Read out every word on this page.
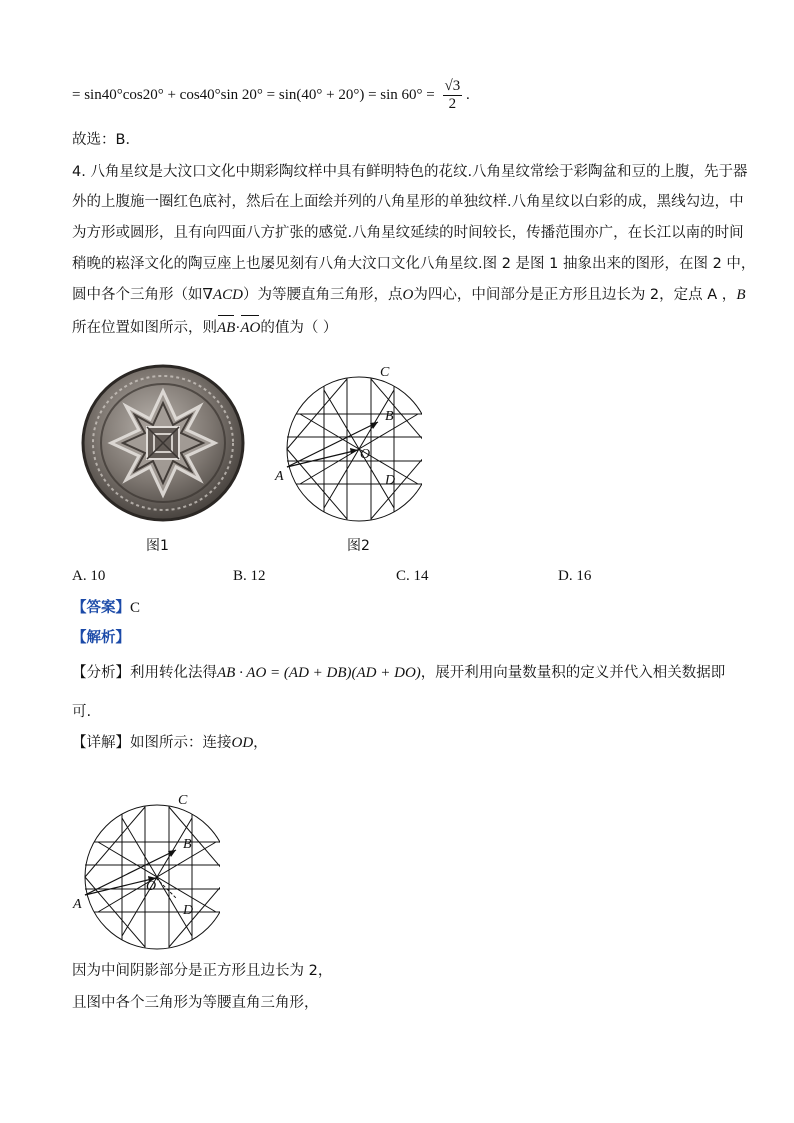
= sin40°cos20° + cos40°sin $20^\circ = \sin(40^\circ + 20^\circ) = \sin 60^\circ = \frac{√3}{2}$ .
故选：B．
4. 八角星纹是大汶口文化中期彩陶纹样中具有鲜明特色的花纹.八角星纹常绘于彩陶盆和豆的上腹，先于器
外的上腹施一圈红色底衬，然后在上面绘并列的八角星形的单独纹样.八角星纹以白彩的成，黑线勾边，中
为方形或圆形，且有向四面八方扩张的感觉.八角星纹延续的时间较长，传播范围亦广，在长江以南的时间
稍晚的崧泽文化的陶豆座上也屡见刻有八角大汶口文化八角星纹.图 2 是图 1 抽象出来的图形，在图 2 中，
圆中各个三角形（如∇ACD）为等腰直角三角形，点O为四心，中间部分是正方形且边长为 2，定点 A ，B
所在位置如图所示，则AB·AO的值为（ ）
图1
C
B
O
A	D
图2
A. 10	B. 12	C. 14	D. 16
【答案】C
【解析】
【分析】利用转化法得AB · AO = (AD + DB)(AD + DO)，展开利用向量数量积的定义并代入相关数据即
可.
【详解】如图所示：连接OD，
C
B
O
A	D
因为中间阴影部分是正方形且边长为 2，
且图中各个三角形为等腰直角三角形，
